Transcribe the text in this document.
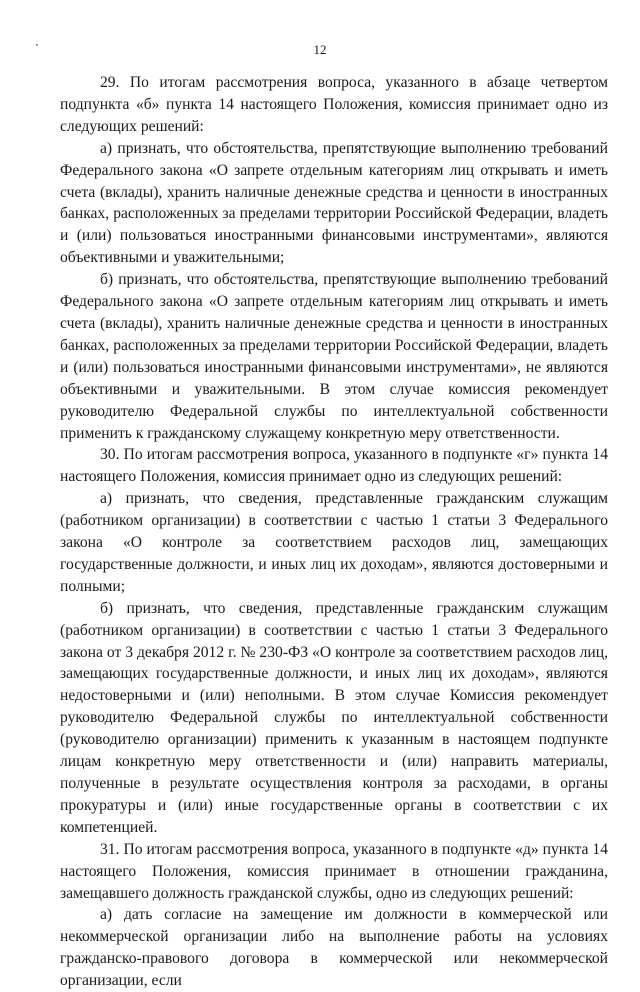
12

29. По итогам рассмотрения вопроса, указанного в абзаце четвертом подпункта «б» пункта 14 настоящего Положения, комиссия принимает одно из следующих решений:

а) признать, что обстоятельства, препятствующие выполнению требований Федерального закона «О запрете отдельным категориям лиц открывать и иметь счета (вклады), хранить наличные денежные средства и ценности в иностранных банках, расположенных за пределами территории Российской Федерации, владеть и (или) пользоваться иностранными финансовыми инструментами», являются объективными и уважительными;

б) признать, что обстоятельства, препятствующие выполнению требований Федерального закона «О запрете отдельным категориям лиц открывать и иметь счета (вклады), хранить наличные денежные средства и ценности в иностранных банках, расположенных за пределами территории Российской Федерации, владеть и (или) пользоваться иностранными финансовыми инструментами», не являются объективными и уважительными. В этом случае комиссия рекомендует руководителю Федеральной службы по интеллектуальной собственности применить к гражданскому служащему конкретную меру ответственности.

30. По итогам рассмотрения вопроса, указанного в подпункте «г» пункта 14 настоящего Положения, комиссия принимает одно из следующих решений:

а) признать, что сведения, представленные гражданским служащим (работником организации) в соответствии с частью 1 статьи 3 Федерального закона «О контроле за соответствием расходов лиц, замещающих государственные должности, и иных лиц их доходам», являются достоверными и полными;

б) признать, что сведения, представленные гражданским служащим (работником организации) в соответствии с частью 1 статьи 3 Федерального закона от 3 декабря 2012 г. № 230-ФЗ «О контроле за соответствием расходов лиц, замещающих государственные должности, и иных лиц их доходам», являются недостоверными и (или) неполными. В этом случае Комиссия рекомендует руководителю Федеральной службы по интеллектуальной собственности (руководителю организации) применить к указанным в настоящем подпункте лицам конкретную меру ответственности и (или) направить материалы, полученные в результате осуществления контроля за расходами, в органы прокуратуры и (или) иные государственные органы в соответствии с их компетенцией.

31. По итогам рассмотрения вопроса, указанного в подпункте «д» пункта 14 настоящего Положения, комиссия принимает в отношении гражданина, замещавшего должность гражданской службы, одно из следующих решений:

а) дать согласие на замещение им должности в коммерческой или некоммерческой организации либо на выполнение работы на условиях гражданско-правового договора в коммерческой или некоммерческой организации, если
